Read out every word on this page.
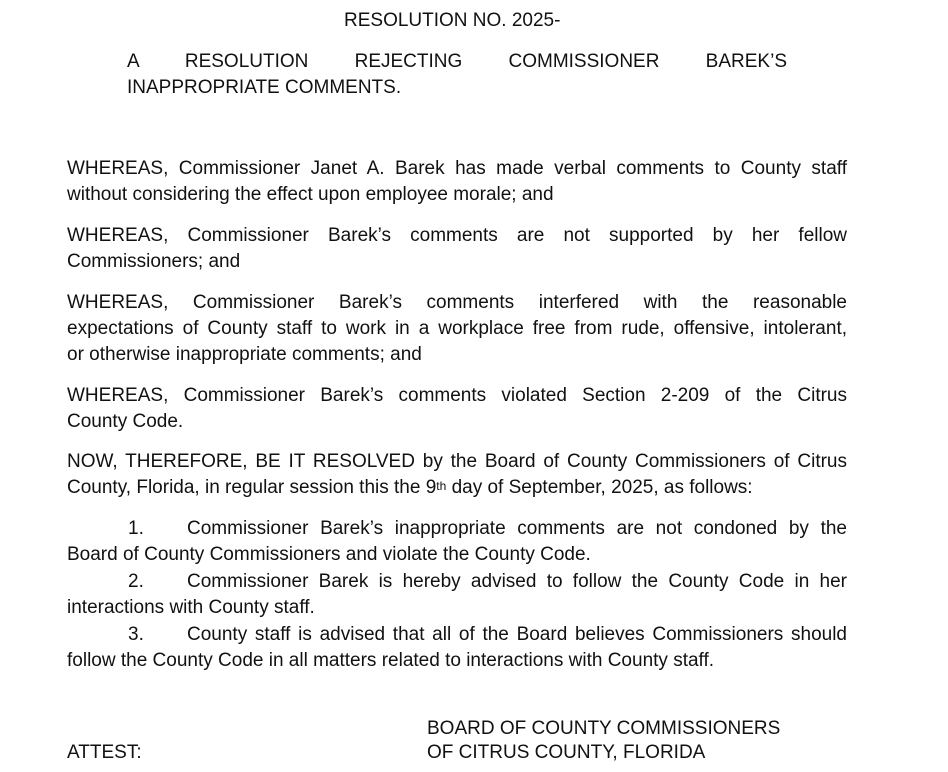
RESOLUTION NO. 2025-
A RESOLUTION REJECTING COMMISSIONER BAREK’S
INAPPROPRIATE COMMENTS.
WHEREAS, Commissioner Janet A. Barek has made verbal comments to County staff
without considering the effect upon employee morale; and
WHEREAS, Commissioner Barek’s comments are not supported by her fellow
Commissioners; and
WHEREAS, Commissioner Barek’s comments interfered with the reasonable
expectations of County staff to work in a workplace free from rude, offensive, intolerant,
or otherwise inappropriate comments; and
WHEREAS, Commissioner Barek’s comments violated Section 2-209 of the Citrus
County Code.
NOW, THEREFORE, BE IT RESOLVED by the Board of County Commissioners of Citrus
County, Florida, in regular session this the 9th day of September, 2025, as follows:
1. Commissioner Barek’s inappropriate comments are not condoned by the
Board of County Commissioners and violate the County Code.
2. Commissioner Barek is hereby advised to follow the County Code in her
interactions with County staff.
3. County staff is advised that all of the Board believes Commissioners should
follow the County Code in all matters related to interactions with County staff.
BOARD OF COUNTY COMMISSIONERS
OF CITRUS COUNTY, FLORIDA
ATTEST:
